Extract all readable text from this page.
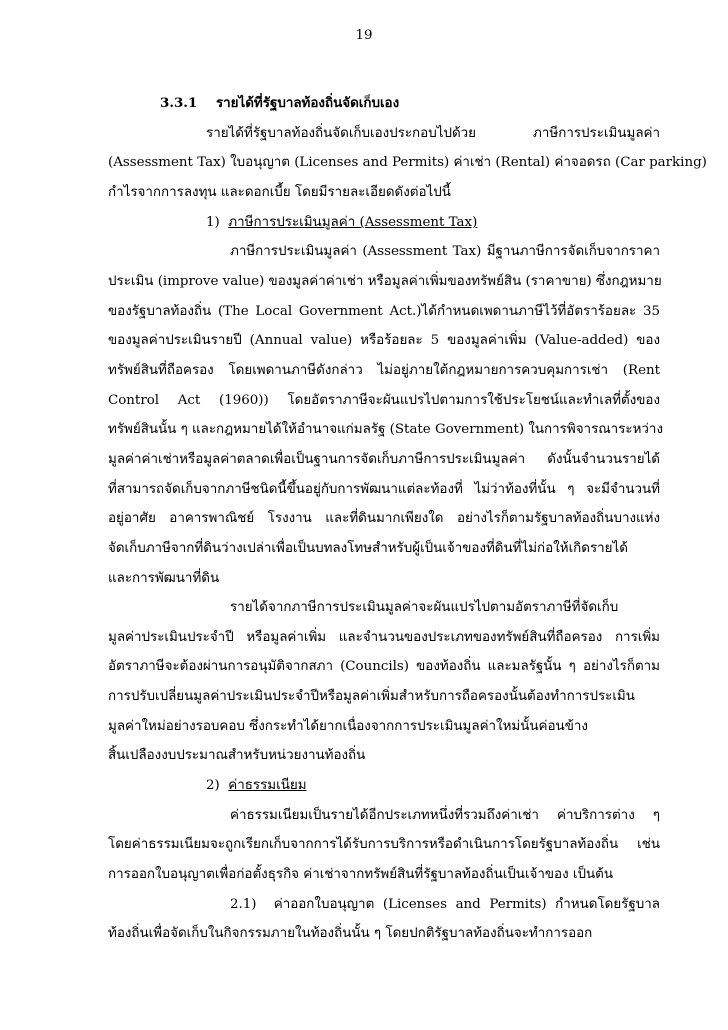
19
3.3.1 รายได้ที่รัฐบาลท้องถิ่นจัดเก็บเอง
รายได้ที่รัฐบาลท้องถิ่นจัดเก็บเองประกอบไปด้วย ภาษีการประเมินมูลค่า
(Assessment Tax) ใบอนุญาต (Licenses and Permits) ค่าเช่า (Rental) ค่าจอดรถ (Car parking)
กำไรจากการลงทุน และดอกเบี้ย โดยมีรายละเอียดดังต่อไปนี้
1) ภาษีการประเมินมูลค่า (Assessment Tax)
ภาษีการประเมินมูลค่า (Assessment Tax) มีฐานภาษีการจัดเก็บจากราคา
ประเมิน (improve value) ของมูลค่าค่าเช่า หรือมูลค่าเพิ่มของทรัพย์สิน (ราคาขาย) ซึ่งกฎหมาย
ของรัฐบาลท้องถิ่น (The Local Government Act.)ได้กำหนดเพดานภาษีไว้ที่อัตราร้อยละ 35
ของมูลค่าประเมินรายปี (Annual value) หรือร้อยละ 5 ของมูลค่าเพิ่ม (Value-added) ของ
ทรัพย์สินที่ถือครอง โดยเพดานภาษีดังกล่าว ไม่อยู่ภายใต้กฎหมายการควบคุมการเช่า (Rent
Control Act (1960)) โดยอัตราภาษีจะผันแปรไปตามการใช้ประโยชน์และทำเลที่ตั้งของ
ทรัพย์สินนั้น ๆ และกฎหมายได้ให้อำนาจแก่มลรัฐ (State Government) ในการพิจารณาระหว่าง
มูลค่าค่าเช่าหรือมูลค่าตลาดเพื่อเป็นฐานการจัดเก็บภาษีการประเมินมูลค่า ดังนั้นจำนวนรายได้
ที่สามารถจัดเก็บจากภาษีชนิดนี้ขึ้นอยู่กับการพัฒนาแต่ละท้องที่ ไม่ว่าท้องที่นั้น ๆ จะมีจำนวนที่
อยู่อาศัย อาคารพาณิชย์ โรงงาน และที่ดินมากเพียงใด อย่างไรก็ตามรัฐบาลท้องถิ่นบางแห่ง
จัดเก็บภาษีจากที่ดินว่างเปล่าเพื่อเป็นบทลงโทษสำหรับผู้เป็นเจ้าของที่ดินที่ไม่ก่อให้เกิดรายได้
และการพัฒนาที่ดิน
รายได้จากภาษีการประเมินมูลค่าจะผันแปรไปตามอัตราภาษีที่จัดเก็บ
มูลค่าประเมินประจำปี หรือมูลค่าเพิ่ม และจำนวนของประเภทของทรัพย์สินที่ถือครอง การเพิ่ม
อัตราภาษีจะต้องผ่านการอนุมัติจากสภา (Councils) ของท้องถิ่น และมลรัฐนั้น ๆ อย่างไรก็ตาม
การปรับเปลี่ยนมูลค่าประเมินประจำปีหรือมูลค่าเพิ่มสำหรับการถือครองนั้นต้องทำการประเมิน
มูลค่าใหม่อย่างรอบคอบ ซึ่งกระทำได้ยากเนื่องจากการประเมินมูลค่าใหม่นั้นค่อนข้าง
สิ้นเปลืองงบประมาณสำหรับหน่วยงานท้องถิ่น
2) ค่าธรรมเนียม
ค่าธรรมเนียมเป็นรายได้อีกประเภทหนึ่งที่รวมถึงค่าเช่า ค่าบริการต่าง ๆ
โดยค่าธรรมเนียมจะถูกเรียกเก็บจากการได้รับการบริการหรือดำเนินการโดยรัฐบาลท้องถิ่น เช่น
การออกใบอนุญาตเพื่อก่อตั้งธุรกิจ ค่าเช่าจากทรัพย์สินที่รัฐบาลท้องถิ่นเป็นเจ้าของ เป็นต้น
2.1) ค่าออกใบอนุญาต (Licenses and Permits) กำหนดโดยรัฐบาล
ท้องถิ่นเพื่อจัดเก็บในกิจกรรมภายในท้องถิ่นนั้น ๆ โดยปกติรัฐบาลท้องถิ่นจะทำการออก
